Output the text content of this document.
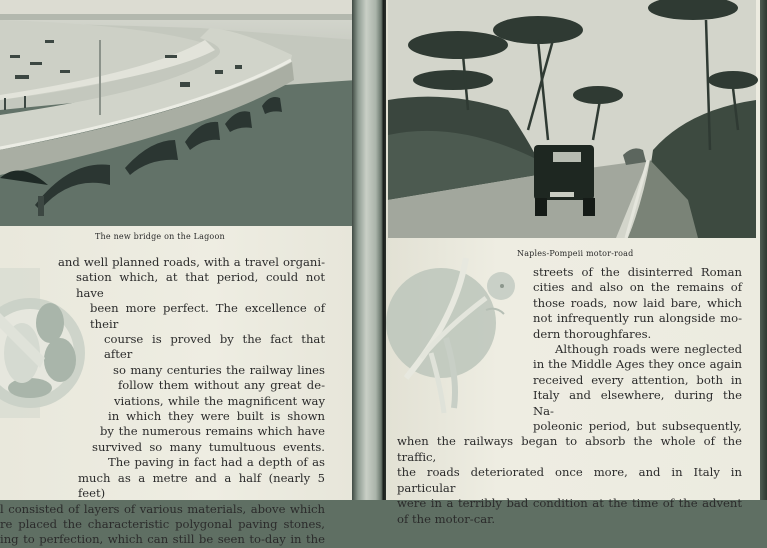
The new bridge on the Lagoon
and well planned roads, with a travel organi-
sation which, at that period, could not have
been more perfect. The excellence of their
course is proved by the fact that after
so many centuries the railway lines
follow them without any great de-
viations, while the magnificent way
in which they were built is shown
by the numerous remains which have
survived so many tumultuous events.
The paving in fact had a depth of as
much as a metre and a half (nearly 5 feet)
l consisted of layers of various materials, above which
re placed the characteristic polygonal paving stones,
ing to perfection, which can still be seen to-day in the
Naples-Pompeii motor-road
streets of the disinterred Roman
cities and also on the remains of
those roads, now laid bare, which
not infrequently run alongside mo-
dern thoroughfares.
Although roads were neglected
in the Middle Ages they once again
received every attention, both in
Italy and elsewhere, during the Na-
poleonic period, but subsequently,
when the railways began to absorb the whole of the traffic,
the roads deteriorated once more, and in Italy in particular
were in a terribly bad condition at the time of the advent
of the motor-car.
